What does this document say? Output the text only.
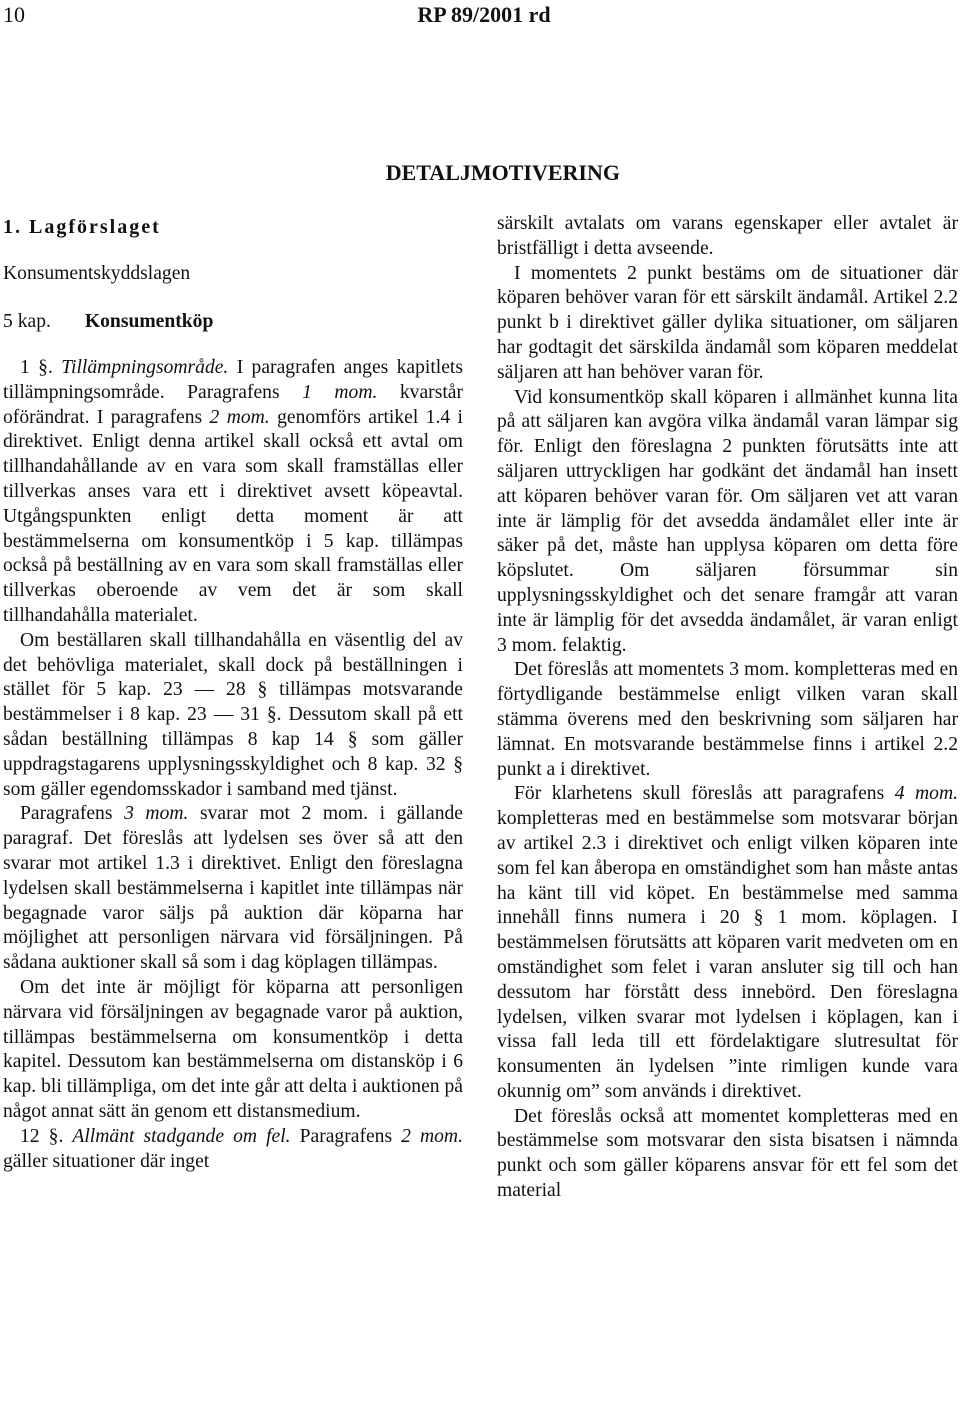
10	RP 89/2001 rd
DETALJMOTIVERING

1. Lagförslaget

Konsumentskyddslagen

5 kap. Konsumentköp

1 §. Tillämpningsområde. I paragrafen anges kapitlets tillämpningsområde. Paragrafens 1 mom. kvarstår oförändrat. I paragrafens 2 mom. genomförs artikel 1.4 i direktivet. Enligt denna artikel skall också ett avtal om tillhandahållande av en vara som skall framställas eller tillverkas anses vara ett i direktivet avsett köpeavtal. Utgångspunkten enligt detta moment är att bestämmelserna om konsumentköp i 5 kap. tillämpas också på beställning av en vara som skall framställas eller tillverkas oberoende av vem det är som skall tillhandahålla materialet.

Om beställaren skall tillhandahålla en väsentlig del av det behövliga materialet, skall dock på beställningen i stället för 5 kap. 23 — 28 § tillämpas motsvarande bestämmelser i 8 kap. 23 — 31 §. Dessutom skall på ett sådan beställning tillämpas 8 kap 14 § som gäller uppdragstagarens upplysningsskyldighet och 8 kap. 32 § som gäller egendomsskador i samband med tjänst.

Paragrafens 3 mom. svarar mot 2 mom. i gällande paragraf. Det föreslås att lydelsen ses över så att den svarar mot artikel 1.3 i direktivet. Enligt den föreslagna lydelsen skall bestämmelserna i kapitlet inte tillämpas när begagnade varor säljs på auktion där köparna har möjlighet att personligen närvara vid försäljningen. På sådana auktioner skall så som i dag köplagen tillämpas.

Om det inte är möjligt för köparna att personligen närvara vid försäljningen av begagnade varor på auktion, tillämpas bestämmelserna om konsumentköp i detta kapitel. Dessutom kan bestämmelserna om distansköp i 6 kap. bli tillämpliga, om det inte går att delta i auktionen på något annat sätt än genom ett distansmedium.

12 §. Allmänt stadgande om fel. Paragrafens 2 mom. gäller situationer där inget

särskilt avtalats om varans egenskaper eller avtalet är bristfälligt i detta avseende.

I momentets 2 punkt bestäms om de situationer där köparen behöver varan för ett särskilt ändamål. Artikel 2.2 punkt b i direktivet gäller dylika situationer, om säljaren har godtagit det särskilda ändamål som köparen meddelat säljaren att han behöver varan för.

Vid konsumentköp skall köparen i allmänhet kunna lita på att säljaren kan avgöra vilka ändamål varan lämpar sig för. Enligt den föreslagna 2 punkten förutsätts inte att säljaren uttryckligen har godkänt det ändamål han insett att köparen behöver varan för. Om säljaren vet att varan inte är lämplig för det avsedda ändamålet eller inte är säker på det, måste han upplysa köparen om detta före köpslutet. Om säljaren försummar sin upplysningsskyldighet och det senare framgår att varan inte är lämplig för det avsedda ändamålet, är varan enligt 3 mom. felaktig.

Det föreslås att momentets 3 mom. kompletteras med en förtydligande bestämmelse enligt vilken varan skall stämma överens med den beskrivning som säljaren har lämnat. En motsvarande bestämmelse finns i artikel 2.2 punkt a i direktivet.

För klarhetens skull föreslås att paragrafens 4 mom. kompletteras med en bestämmelse som motsvarar början av artikel 2.3 i direktivet och enligt vilken köparen inte som fel kan åberopa en omständighet som han måste antas ha känt till vid köpet. En bestämmelse med samma innehåll finns numera i 20 § 1 mom. köplagen. I bestämmelsen förutsätts att köparen varit medveten om en omständighet som felet i varan ansluter sig till och han dessutom har förstått dess innebörd. Den föreslagna lydelsen, vilken svarar mot lydelsen i köplagen, kan i vissa fall leda till ett fördelaktigare slutresultat för konsumenten än lydelsen ”inte rimligen kunde vara okunnig om” som används i direktivet.

Det föreslås också att momentet kompletteras med en bestämmelse som motsvarar den sista bisatsen i nämnda punkt och som gäller köparens ansvar för ett fel som det material
